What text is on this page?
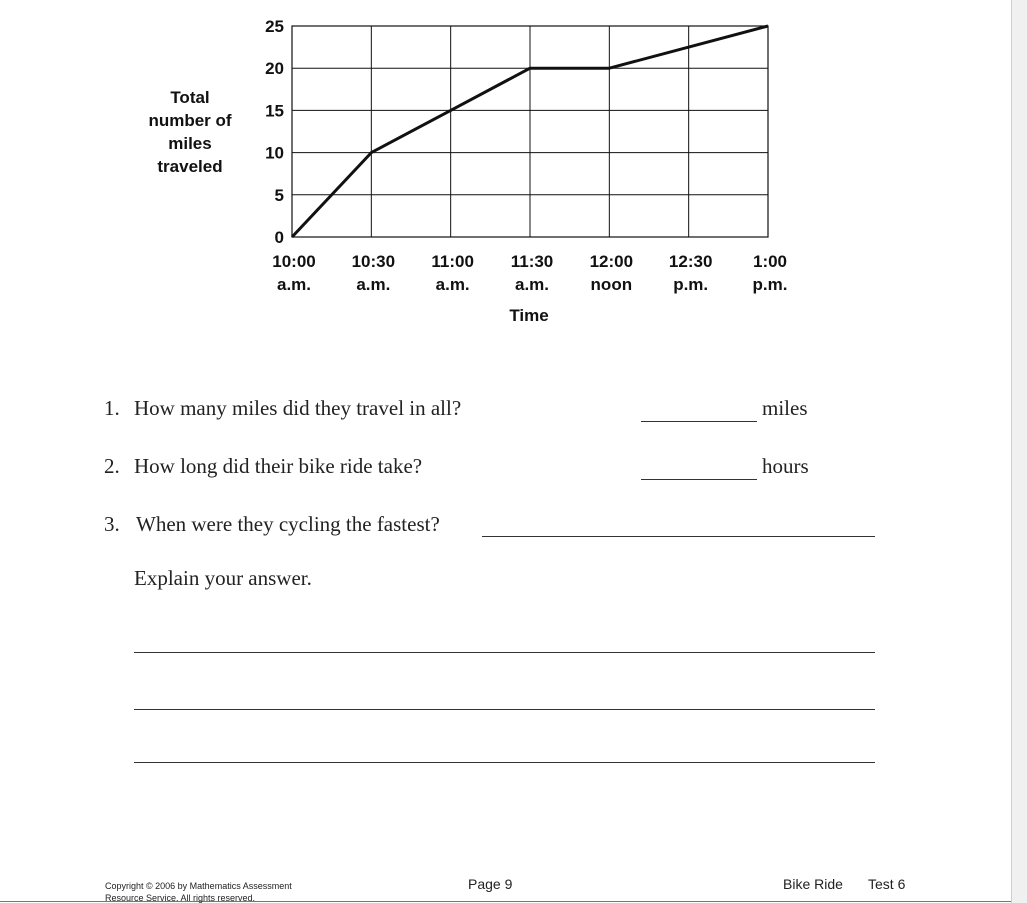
0
5
10
15
20
25
10:00 a.m.
10:30 a.m.
11:00 a.m.
11:30 a.m.
12:00 noon
12:30 p.m.
1:00 p.m.
Total
number of
miles
traveled
Time
1. How many miles did they travel in all?	miles
2. How long did their bike ride take?	hours
3. When were they cycling the fastest?
Explain your answer.
Copyright © 2006 by Mathematics Assessment
Resource Service. All rights reserved.
Page 9	Bike Ride Test 6
